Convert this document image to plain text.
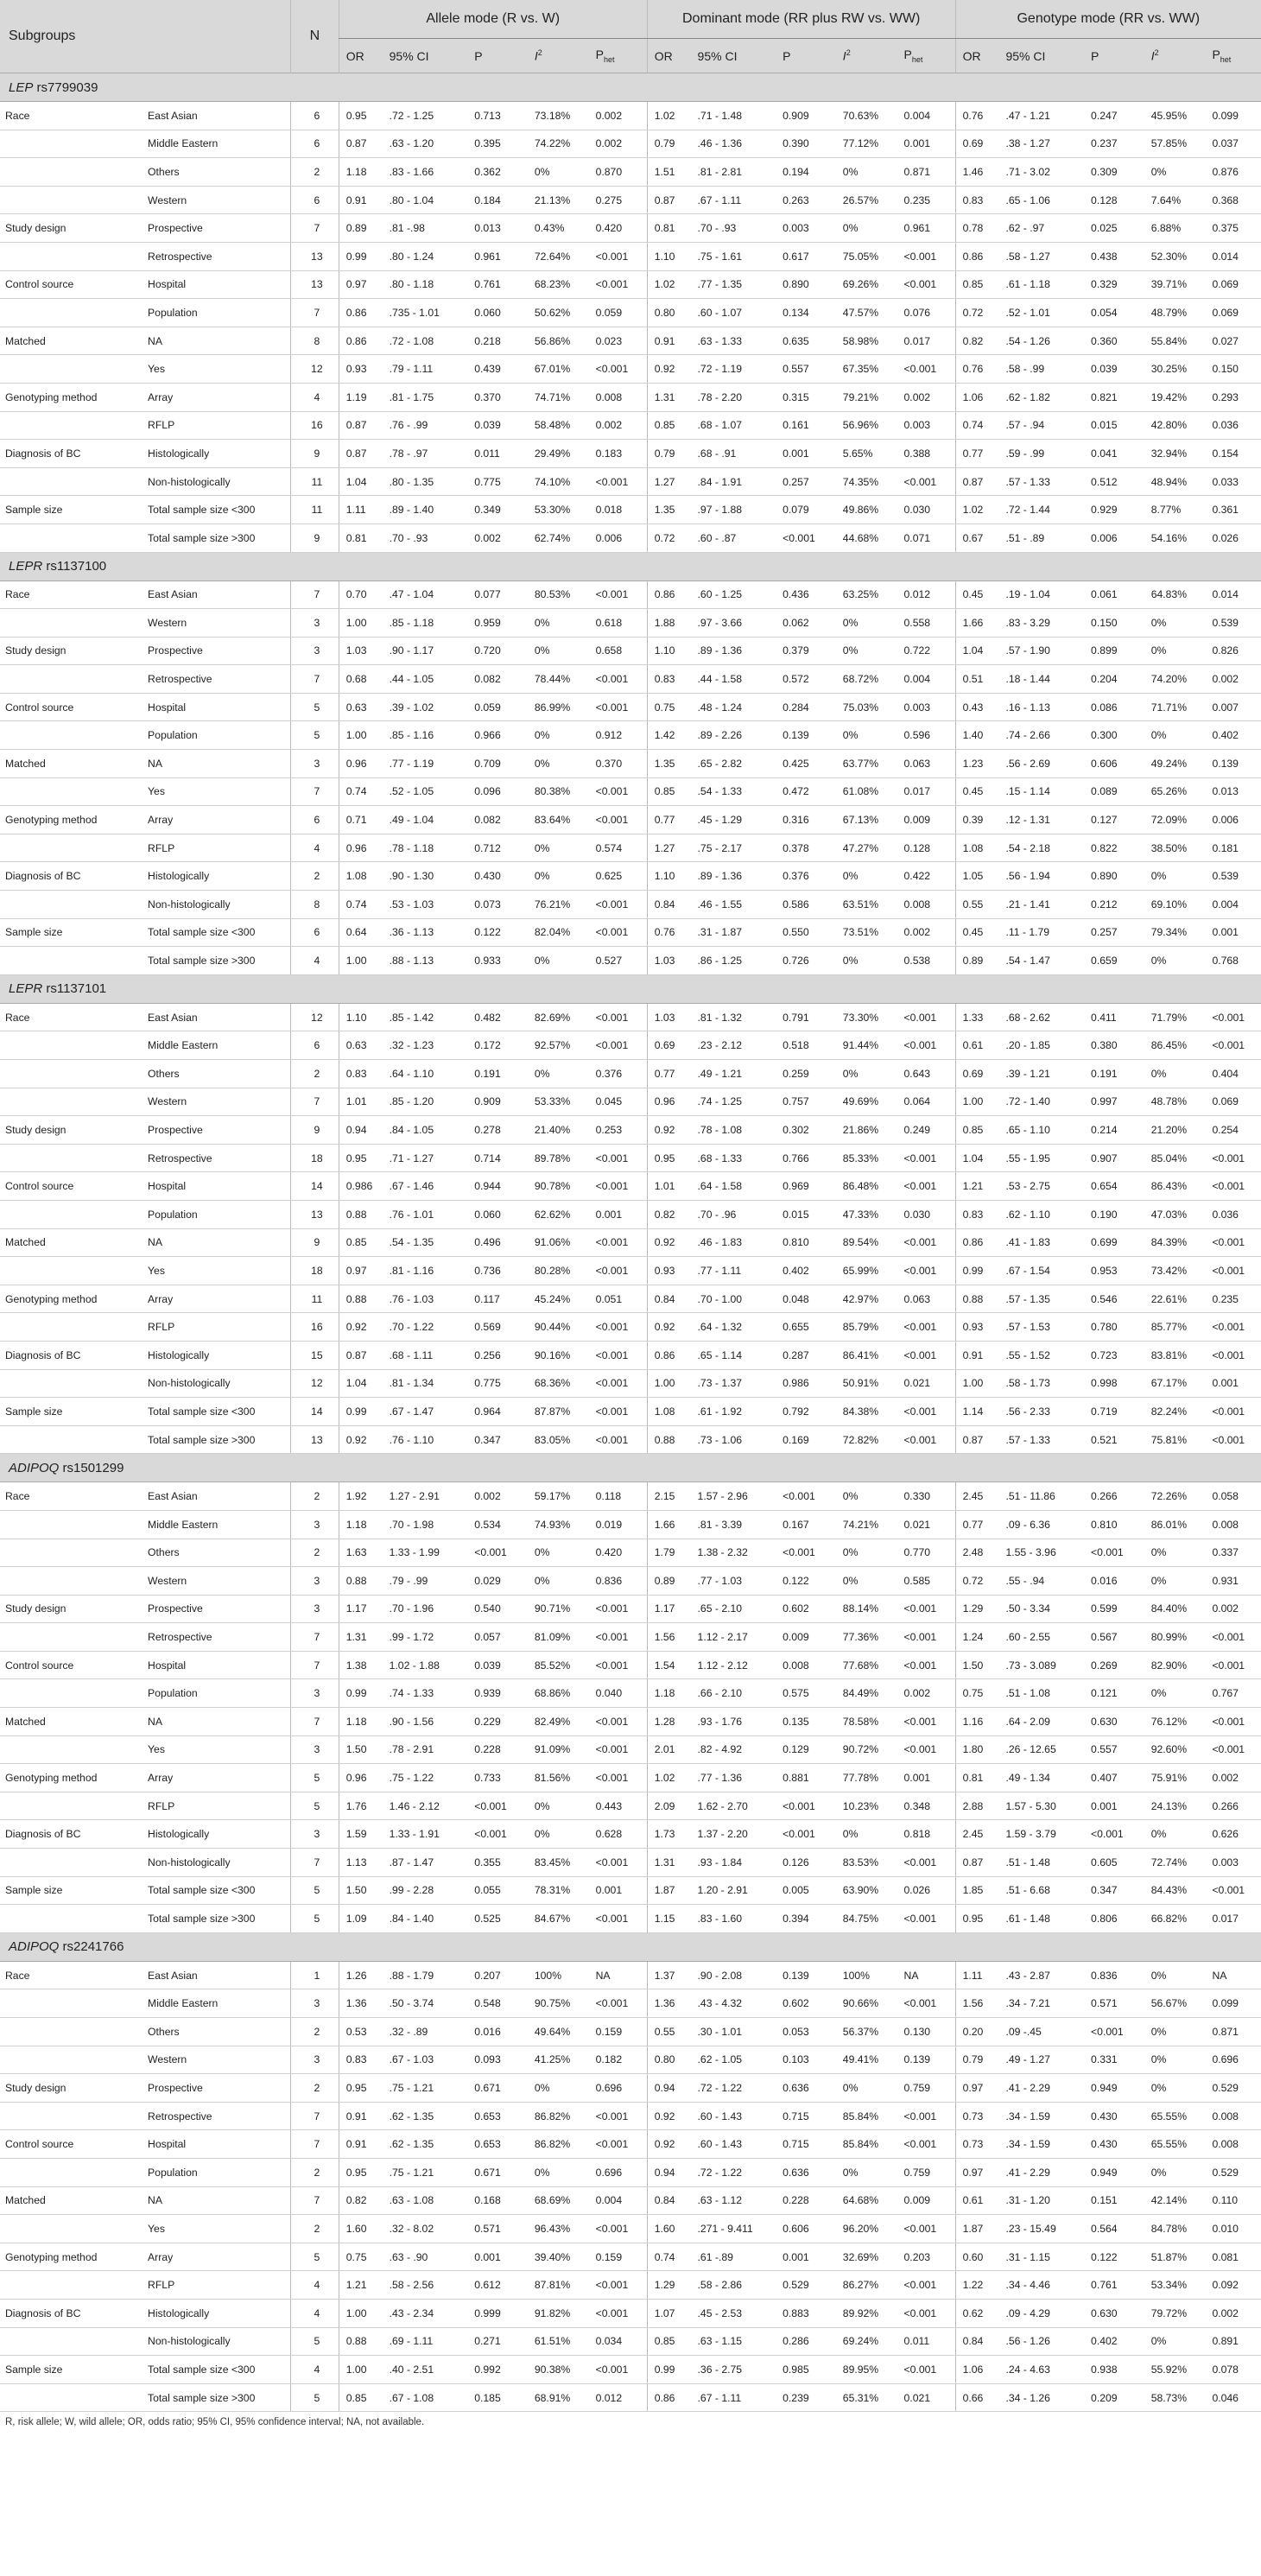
Subgroups		N	Allele mode (R vs. W)					Dominant mode (RR plus RW vs. WW)					Genotype mode (RR vs. WW)				
			OR	95% CI	P	$I^2$	$P_{het}$	OR	95% CI	P	$I^2$	$P_{het}$	OR	95% CI	P	$I^2$	$P_{het}$
LEP rs7799039																	
Race	East Asian	6	0.95	.72 - 1.25	0.713	73.18%	0.002	1.02	.71 - 1.48	0.909	70.63%	0.004	0.76	.47 - 1.21	0.247	45.95%	0.099
	Middle Eastern	6	0.87	.63 - 1.20	0.395	74.22%	0.002	0.79	.46 - 1.36	0.390	77.12%	0.001	0.69	.38 - 1.27	0.237	57.85%	0.037
	Others	2	1.18	.83 - 1.66	0.362	0%	0.870	1.51	.81 - 2.81	0.194	0%	0.871	1.46	.71 - 3.02	0.309	0%	0.876
	Western	6	0.91	.80 - 1.04	0.184	21.13%	0.275	0.87	.67 - 1.11	0.263	26.57%	0.235	0.83	.65 - 1.06	0.128	7.64%	0.368
Study design	Prospective	7	0.89	.81 -.98	0.013	0.43%	0.420	0.81	.70 - .93	0.003	0%	0.961	0.78	.62 - .97	0.025	6.88%	0.375
	Retrospective	13	0.99	.80 - 1.24	0.961	72.64%	<0.001	1.10	.75 - 1.61	0.617	75.05%	<0.001	0.86	.58 - 1.27	0.438	52.30%	0.014
Control source	Hospital	13	0.97	.80 - 1.18	0.761	68.23%	<0.001	1.02	.77 - 1.35	0.890	69.26%	<0.001	0.85	.61 - 1.18	0.329	39.71%	0.069
	Population	7	0.86	.735 - 1.01	0.060	50.62%	0.059	0.80	.60 - 1.07	0.134	47.57%	0.076	0.72	.52 - 1.01	0.054	48.79%	0.069
Matched	NA	8	0.86	.72 - 1.08	0.218	56.86%	0.023	0.91	.63 - 1.33	0.635	58.98%	0.017	0.82	.54 - 1.26	0.360	55.84%	0.027
	Yes	12	0.93	.79 - 1.11	0.439	67.01%	<0.001	0.92	.72 - 1.19	0.557	67.35%	<0.001	0.76	.58 - .99	0.039	30.25%	0.150
Genotyping method	Array	4	1.19	.81 - 1.75	0.370	74.71%	0.008	1.31	.78 - 2.20	0.315	79.21%	0.002	1.06	.62 - 1.82	0.821	19.42%	0.293
	RFLP	16	0.87	.76 - .99	0.039	58.48%	0.002	0.85	.68 - 1.07	0.161	56.96%	0.003	0.74	.57 - .94	0.015	42.80%	0.036
Diagnosis of BC	Histologically	9	0.87	.78 - .97	0.011	29.49%	0.183	0.79	.68 - .91	0.001	5.65%	0.388	0.77	.59 - .99	0.041	32.94%	0.154
	Non-histologically	11	1.04	.80 - 1.35	0.775	74.10%	<0.001	1.27	.84 - 1.91	0.257	74.35%	<0.001	0.87	.57 - 1.33	0.512	48.94%	0.033
Sample size	Total sample size <300	11	1.11	.89 - 1.40	0.349	53.30%	0.018	1.35	.97 - 1.88	0.079	49.86%	0.030	1.02	.72 - 1.44	0.929	8.77%	0.361
	Total sample size >300	9	0.81	.70 - .93	0.002	62.74%	0.006	0.72	.60 - .87	<0.001	44.68%	0.071	0.67	.51 - .89	0.006	54.16%	0.026
LEPR rs1137100																	
Race	East Asian	7	0.70	.47 - 1.04	0.077	80.53%	<0.001	0.86	.60 - 1.25	0.436	63.25%	0.012	0.45	.19 - 1.04	0.061	64.83%	0.014
	Western	3	1.00	.85 - 1.18	0.959	0%	0.618	1.88	.97 - 3.66	0.062	0%	0.558	1.66	.83 - 3.29	0.150	0%	0.539
Study design	Prospective	3	1.03	.90 - 1.17	0.720	0%	0.658	1.10	.89 - 1.36	0.379	0%	0.722	1.04	.57 - 1.90	0.899	0%	0.826
	Retrospective	7	0.68	.44 - 1.05	0.082	78.44%	<0.001	0.83	.44 - 1.58	0.572	68.72%	0.004	0.51	.18 - 1.44	0.204	74.20%	0.002
Control source	Hospital	5	0.63	.39 - 1.02	0.059	86.99%	<0.001	0.75	.48 - 1.24	0.284	75.03%	0.003	0.43	.16 - 1.13	0.086	71.71%	0.007
	Population	5	1.00	.85 - 1.16	0.966	0%	0.912	1.42	.89 - 2.26	0.139	0%	0.596	1.40	.74 - 2.66	0.300	0%	0.402
Matched	NA	3	0.96	.77 - 1.19	0.709	0%	0.370	1.35	.65 - 2.82	0.425	63.77%	0.063	1.23	.56 - 2.69	0.606	49.24%	0.139
	Yes	7	0.74	.52 - 1.05	0.096	80.38%	<0.001	0.85	.54 - 1.33	0.472	61.08%	0.017	0.45	.15 - 1.14	0.089	65.26%	0.013
Genotyping method	Array	6	0.71	.49 - 1.04	0.082	83.64%	<0.001	0.77	.45 - 1.29	0.316	67.13%	0.009	0.39	.12 - 1.31	0.127	72.09%	0.006
	RFLP	4	0.96	.78 - 1.18	0.712	0%	0.574	1.27	.75 - 2.17	0.378	47.27%	0.128	1.08	.54 - 2.18	0.822	38.50%	0.181
Diagnosis of BC	Histologically	2	1.08	.90 - 1.30	0.430	0%	0.625	1.10	.89 - 1.36	0.376	0%	0.422	1.05	.56 - 1.94	0.890	0%	0.539
	Non-histologically	8	0.74	.53 - 1.03	0.073	76.21%	<0.001	0.84	.46 - 1.55	0.586	63.51%	0.008	0.55	.21 - 1.41	0.212	69.10%	0.004
Sample size	Total sample size <300	6	0.64	.36 - 1.13	0.122	82.04%	<0.001	0.76	.31 - 1.87	0.550	73.51%	0.002	0.45	.11 - 1.79	0.257	79.34%	0.001
	Total sample size >300	4	1.00	.88 - 1.13	0.933	0%	0.527	1.03	.86 - 1.25	0.726	0%	0.538	0.89	.54 - 1.47	0.659	0%	0.768
LEPR rs1137101																	
Race	East Asian	12	1.10	.85 - 1.42	0.482	82.69%	<0.001	1.03	.81 - 1.32	0.791	73.30%	<0.001	1.33	.68 - 2.62	0.411	71.79%	<0.001
	Middle Eastern	6	0.63	.32 - 1.23	0.172	92.57%	<0.001	0.69	.23 - 2.12	0.518	91.44%	<0.001	0.61	.20 - 1.85	0.380	86.45%	<0.001
	Others	2	0.83	.64 - 1.10	0.191	0%	0.376	0.77	.49 - 1.21	0.259	0%	0.643	0.69	.39 - 1.21	0.191	0%	0.404
	Western	7	1.01	.85 - 1.20	0.909	53.33%	0.045	0.96	.74 - 1.25	0.757	49.69%	0.064	1.00	.72 - 1.40	0.997	48.78%	0.069
Study design	Prospective	9	0.94	.84 - 1.05	0.278	21.40%	0.253	0.92	.78 - 1.08	0.302	21.86%	0.249	0.85	.65 - 1.10	0.214	21.20%	0.254
	Retrospective	18	0.95	.71 - 1.27	0.714	89.78%	<0.001	0.95	.68 - 1.33	0.766	85.33%	<0.001	1.04	.55 - 1.95	0.907	85.04%	<0.001
Control source	Hospital	14	0.986	.67 - 1.46	0.944	90.78%	<0.001	1.01	.64 - 1.58	0.969	86.48%	<0.001	1.21	.53 - 2.75	0.654	86.43%	<0.001
	Population	13	0.88	.76 - 1.01	0.060	62.62%	0.001	0.82	.70 - .96	0.015	47.33%	0.030	0.83	.62 - 1.10	0.190	47.03%	0.036
Matched	NA	9	0.85	.54 - 1.35	0.496	91.06%	<0.001	0.92	.46 - 1.83	0.810	89.54%	<0.001	0.86	.41 - 1.83	0.699	84.39%	<0.001
	Yes	18	0.97	.81 - 1.16	0.736	80.28%	<0.001	0.93	.77 - 1.11	0.402	65.99%	<0.001	0.99	.67 - 1.54	0.953	73.42%	<0.001
Genotyping method	Array	11	0.88	.76 - 1.03	0.117	45.24%	0.051	0.84	.70 - 1.00	0.048	42.97%	0.063	0.88	.57 - 1.35	0.546	22.61%	0.235
	RFLP	16	0.92	.70 - 1.22	0.569	90.44%	<0.001	0.92	.64 - 1.32	0.655	85.79%	<0.001	0.93	.57 - 1.53	0.780	85.77%	<0.001
Diagnosis of BC	Histologically	15	0.87	.68 - 1.11	0.256	90.16%	<0.001	0.86	.65 - 1.14	0.287	86.41%	<0.001	0.91	.55 - 1.52	0.723	83.81%	<0.001
	Non-histologically	12	1.04	.81 - 1.34	0.775	68.36%	<0.001	1.00	.73 - 1.37	0.986	50.91%	0.021	1.00	.58 - 1.73	0.998	67.17%	0.001
Sample size	Total sample size <300	14	0.99	.67 - 1.47	0.964	87.87%	<0.001	1.08	.61 - 1.92	0.792	84.38%	<0.001	1.14	.56 - 2.33	0.719	82.24%	<0.001
	Total sample size >300	13	0.92	.76 - 1.10	0.347	83.05%	<0.001	0.88	.73 - 1.06	0.169	72.82%	<0.001	0.87	.57 - 1.33	0.521	75.81%	<0.001
ADIPOQ rs1501299																	
Race	East Asian	2	1.92	1.27 - 2.91	0.002	59.17%	0.118	2.15	1.57 - 2.96	<0.001	0%	0.330	2.45	.51 - 11.86	0.266	72.26%	0.058
	Middle Eastern	3	1.18	.70 - 1.98	0.534	74.93%	0.019	1.66	.81 - 3.39	0.167	74.21%	0.021	0.77	.09 - 6.36	0.810	86.01%	0.008
	Others	2	1.63	1.33 - 1.99	<0.001	0%	0.420	1.79	1.38 - 2.32	<0.001	0%	0.770	2.48	1.55 - 3.96	<0.001	0%	0.337
	Western	3	0.88	.79 - .99	0.029	0%	0.836	0.89	.77 - 1.03	0.122	0%	0.585	0.72	.55 - .94	0.016	0%	0.931
Study design	Prospective	3	1.17	.70 - 1.96	0.540	90.71%	<0.001	1.17	.65 - 2.10	0.602	88.14%	<0.001	1.29	.50 - 3.34	0.599	84.40%	0.002
	Retrospective	7	1.31	.99 - 1.72	0.057	81.09%	<0.001	1.56	1.12 - 2.17	0.009	77.36%	<0.001	1.24	.60 - 2.55	0.567	80.99%	<0.001
Control source	Hospital	7	1.38	1.02 - 1.88	0.039	85.52%	<0.001	1.54	1.12 - 2.12	0.008	77.68%	<0.001	1.50	.73 - 3.089	0.269	82.90%	<0.001
	Population	3	0.99	.74 - 1.33	0.939	68.86%	0.040	1.18	.66 - 2.10	0.575	84.49%	0.002	0.75	.51 - 1.08	0.121	0%	0.767
Matched	NA	7	1.18	.90 - 1.56	0.229	82.49%	<0.001	1.28	.93 - 1.76	0.135	78.58%	<0.001	1.16	.64 - 2.09	0.630	76.12%	<0.001
	Yes	3	1.50	.78 - 2.91	0.228	91.09%	<0.001	2.01	.82 - 4.92	0.129	90.72%	<0.001	1.80	.26 - 12.65	0.557	92.60%	<0.001
Genotyping method	Array	5	0.96	.75 - 1.22	0.733	81.56%	<0.001	1.02	.77 - 1.36	0.881	77.78%	0.001	0.81	.49 - 1.34	0.407	75.91%	0.002
	RFLP	5	1.76	1.46 - 2.12	<0.001	0%	0.443	2.09	1.62 - 2.70	<0.001	10.23%	0.348	2.88	1.57 - 5.30	0.001	24.13%	0.266
Diagnosis of BC	Histologically	3	1.59	1.33 - 1.91	<0.001	0%	0.628	1.73	1.37 - 2.20	<0.001	0%	0.818	2.45	1.59 - 3.79	<0.001	0%	0.626
	Non-histologically	7	1.13	.87 - 1.47	0.355	83.45%	<0.001	1.31	.93 - 1.84	0.126	83.53%	<0.001	0.87	.51 - 1.48	0.605	72.74%	0.003
Sample size	Total sample size <300	5	1.50	.99 - 2.28	0.055	78.31%	0.001	1.87	1.20 - 2.91	0.005	63.90%	0.026	1.85	.51 - 6.68	0.347	84.43%	<0.001
	Total sample size >300	5	1.09	.84 - 1.40	0.525	84.67%	<0.001	1.15	.83 - 1.60	0.394	84.75%	<0.001	0.95	.61 - 1.48	0.806	66.82%	0.017
ADIPOQ rs2241766																	
Race	East Asian	1	1.26	.88 - 1.79	0.207	100%	NA	1.37	.90 - 2.08	0.139	100%	NA	1.11	.43 - 2.87	0.836	0%	NA
	Middle Eastern	3	1.36	.50 - 3.74	0.548	90.75%	<0.001	1.36	.43 - 4.32	0.602	90.66%	<0.001	1.56	.34 - 7.21	0.571	56.67%	0.099
	Others	2	0.53	.32 - .89	0.016	49.64%	0.159	0.55	.30 - 1.01	0.053	56.37%	0.130	0.20	.09 -.45	<0.001	0%	0.871
	Western	3	0.83	.67 - 1.03	0.093	41.25%	0.182	0.80	.62 - 1.05	0.103	49.41%	0.139	0.79	.49 - 1.27	0.331	0%	0.696
Study design	Prospective	2	0.95	.75 - 1.21	0.671	0%	0.696	0.94	.72 - 1.22	0.636	0%	0.759	0.97	.41 - 2.29	0.949	0%	0.529
	Retrospective	7	0.91	.62 - 1.35	0.653	86.82%	<0.001	0.92	.60 - 1.43	0.715	85.84%	<0.001	0.73	.34 - 1.59	0.430	65.55%	0.008
Control source	Hospital	7	0.91	.62 - 1.35	0.653	86.82%	<0.001	0.92	.60 - 1.43	0.715	85.84%	<0.001	0.73	.34 - 1.59	0.430	65.55%	0.008
	Population	2	0.95	.75 - 1.21	0.671	0%	0.696	0.94	.72 - 1.22	0.636	0%	0.759	0.97	.41 - 2.29	0.949	0%	0.529
Matched	NA	7	0.82	.63 - 1.08	0.168	68.69%	0.004	0.84	.63 - 1.12	0.228	64.68%	0.009	0.61	.31 - 1.20	0.151	42.14%	0.110
	Yes	2	1.60	.32 - 8.02	0.571	96.43%	<0.001	1.60	.271 - 9.411	0.606	96.20%	<0.001	1.87	.23 - 15.49	0.564	84.78%	0.010
Genotyping method	Array	5	0.75	.63 - .90	0.001	39.40%	0.159	0.74	.61 -.89	0.001	32.69%	0.203	0.60	.31 - 1.15	0.122	51.87%	0.081
	RFLP	4	1.21	.58 - 2.56	0.612	87.81%	<0.001	1.29	.58 - 2.86	0.529	86.27%	<0.001	1.22	.34 - 4.46	0.761	53.34%	0.092
Diagnosis of BC	Histologically	4	1.00	.43 - 2.34	0.999	91.82%	<0.001	1.07	.45 - 2.53	0.883	89.92%	<0.001	0.62	.09 - 4.29	0.630	79.72%	0.002
	Non-histologically	5	0.88	.69 - 1.11	0.271	61.51%	0.034	0.85	.63 - 1.15	0.286	69.24%	0.011	0.84	.56 - 1.26	0.402	0%	0.891
Sample size	Total sample size <300	4	1.00	.40 - 2.51	0.992	90.38%	<0.001	0.99	.36 - 2.75	0.985	89.95%	<0.001	1.06	.24 - 4.63	0.938	55.92%	0.078
	Total sample size >300	5	0.85	.67 - 1.08	0.185	68.91%	0.012	0.86	.67 - 1.11	0.239	65.31%	0.021	0.66	.34 - 1.26	0.209	58.73%	0.046
R, risk allele; W, wild allele; OR, odds ratio; 95% CI, 95% confidence interval; NA, not available.
